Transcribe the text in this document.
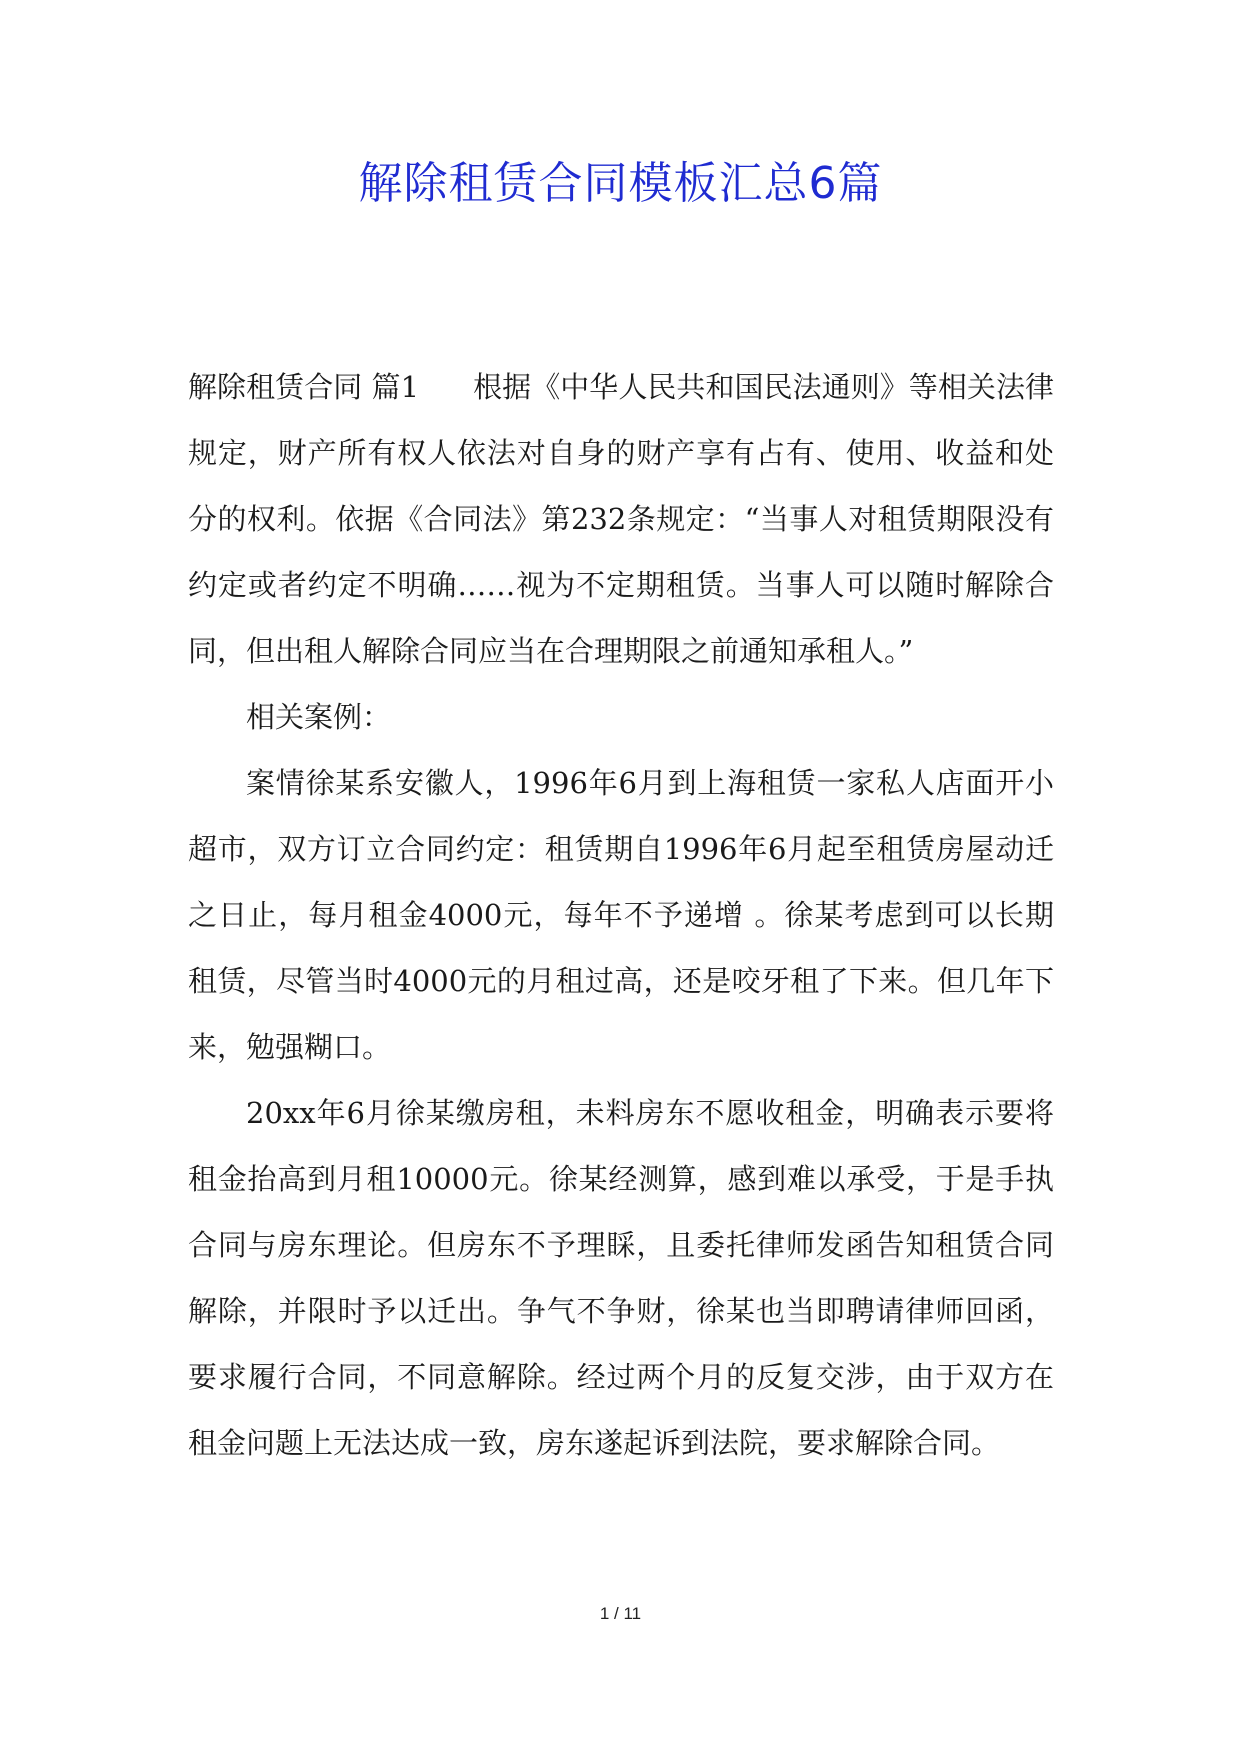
解除租赁合同模板汇总6篇

解除租赁合同 篇1 根据《中华人民共和国民法通则》等相关法律规定，财产所有权人依法对自身的财产享有占有、使用、收益和处分的权利。依据《合同法》第232条规定：“当事人对租赁期限没有约定或者约定不明确……视为不定期租赁。当事人可以随时解除合同，但出租人解除合同应当在合理期限之前通知承租人。”

相关案例：

案情徐某系安徽人，1996年6月到上海租赁一家私人店面开小超市，双方订立合同约定：租赁期自1996年6月起至租赁房屋动迁之日止，每月租金4000元，每年不予递增 。徐某考虑到可以长期租赁，尽管当时4000元的月租过高，还是咬牙租了下来。但几年下来，勉强糊口。

20xx年6月徐某缴房租，未料房东不愿收租金，明确表示要将租金抬高到月租10000元。徐某经测算，感到难以承受，于是手执合同与房东理论。但房东不予理睬，且委托律师发函告知租赁合同解除，并限时予以迁出。争气不争财，徐某也当即聘请律师回函，要求履行合同，不同意解除。经过两个月的反复交涉，由于双方在租金问题上无法达成一致，房东遂起诉到法院，要求解除合同。

1 / 11
